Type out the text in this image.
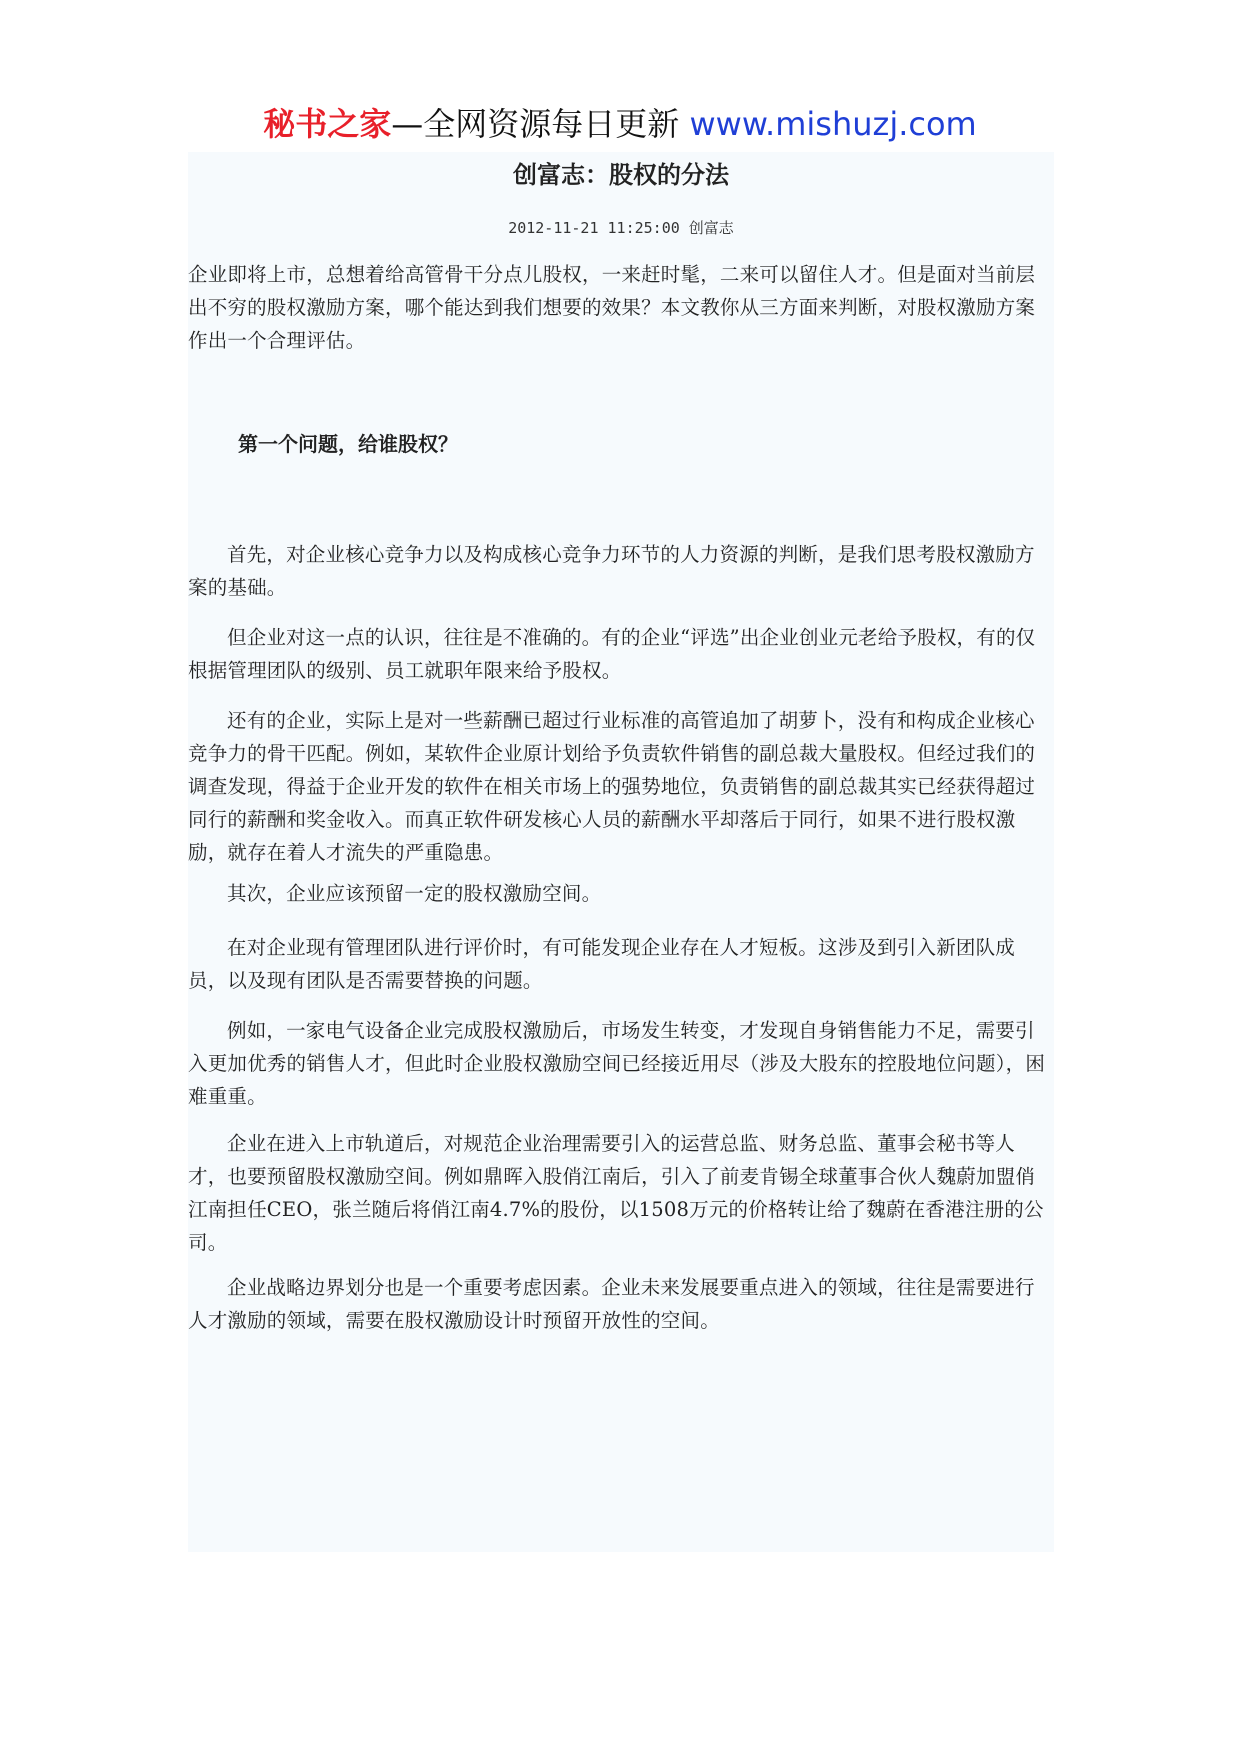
秘书之家—全网资源每日更新 www.mishuzj.com
创富志：股权的分法
2012-11-21 11:25:00 创富志

企业即将上市，总想着给高管骨干分点儿股权，一来赶时髦，二来可以留住人才。但是面对当前层出不穷的股权激励方案，哪个能达到我们想要的效果？本文教你从三方面来判断，对股权激励方案作出一个合理评估。

第一个问题，给谁股权？

首先，对企业核心竞争力以及构成核心竞争力环节的人力资源的判断，是我们思考股权激励方案的基础。

但企业对这一点的认识，往往是不准确的。有的企业“评选”出企业创业元老给予股权，有的仅根据管理团队的级别、员工就职年限来给予股权。

还有的企业，实际上是对一些薪酬已超过行业标准的高管追加了胡萝卜，没有和构成企业核心竞争力的骨干匹配。例如，某软件企业原计划给予负责软件销售的副总裁大量股权。但经过我们的调查发现，得益于企业开发的软件在相关市场上的强势地位，负责销售的副总裁其实已经获得超过同行的薪酬和奖金收入。而真正软件研发核心人员的薪酬水平却落后于同行，如果不进行股权激励，就存在着人才流失的严重隐患。

其次，企业应该预留一定的股权激励空间。

在对企业现有管理团队进行评价时，有可能发现企业存在人才短板。这涉及到引入新团队成员，以及现有团队是否需要替换的问题。

例如，一家电气设备企业完成股权激励后，市场发生转变，才发现自身销售能力不足，需要引入更加优秀的销售人才，但此时企业股权激励空间已经接近用尽（涉及大股东的控股地位问题），困难重重。

企业在进入上市轨道后，对规范企业治理需要引入的运营总监、财务总监、董事会秘书等人才，也要预留股权激励空间。例如鼎晖入股俏江南后，引入了前麦肯锡全球董事合伙人魏蔚加盟俏江南担任CEO，张兰随后将俏江南4.7%的股份，以1508万元的价格转让给了魏蔚在香港注册的公司。

企业战略边界划分也是一个重要考虑因素。企业未来发展要重点进入的领域，往往是需要进行人才激励的领域，需要在股权激励设计时预留开放性的空间。
